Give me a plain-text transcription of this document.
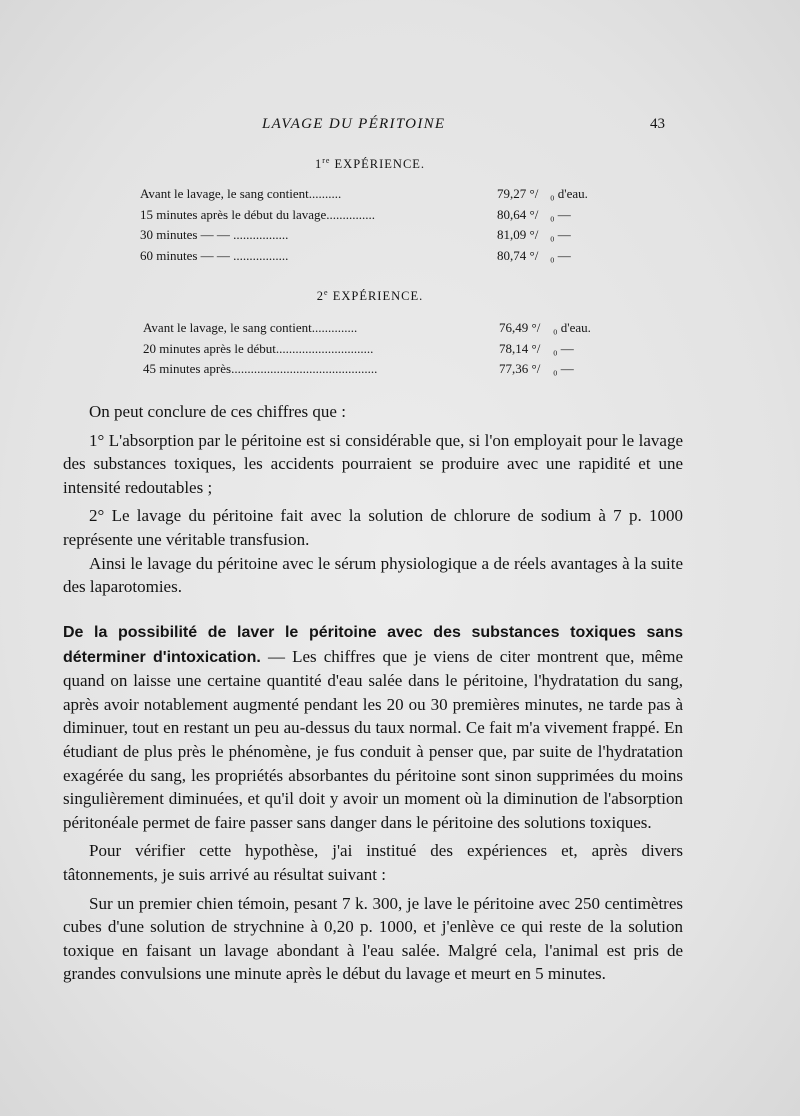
LAVAGE DU PÉRITOINE	43
1re EXPÉRIENCE.
Avant le lavage, le sang contient..........	79,27 °/ ₀ d'eau.
15 minutes après le début du lavage...............	80,64 °/ ₀ —
30 minutes — — .................	81,09 °/ ₀ —
60 minutes — — .................	80,74 °/ ₀ —
2e EXPÉRIENCE.
Avant le lavage, le sang contient..............	76,49 °/ ₀ d'eau.
20 minutes après le début..............................	78,14 °/ ₀ —
45 minutes après.............................................	77,36 °/ ₀ —

On peut conclure de ces chiffres que :

1° L'absorption par le péritoine est si considérable que, si l'on employait pour le lavage des substances toxiques, les accidents pourraient se produire avec une rapidité et une intensité redoutables ;

2° Le lavage du péritoine fait avec la solution de chlorure de sodium à 7 p. 1000 représente une véritable transfusion.

Ainsi le lavage du péritoine avec le sérum physiologique a de réels avantages à la suite des laparotomies.

De la possibilité de laver le péritoine avec des substances toxiques sans déterminer d'intoxication. — Les chiffres que je viens de citer montrent que, même quand on laisse une certaine quantité d'eau salée dans le péritoine, l'hydratation du sang, après avoir notablement augmenté pendant les 20 ou 30 premières minutes, ne tarde pas à diminuer, tout en restant un peu au-dessus du taux normal. Ce fait m'a vivement frappé. En étudiant de plus près le phénomène, je fus conduit à penser que, par suite de l'hydratation exagérée du sang, les propriétés absorbantes du péritoine sont sinon supprimées du moins singulièrement diminuées, et qu'il doit y avoir un moment où la diminution de l'absorption péritonéale permet de faire passer sans danger dans le péritoine des solutions toxiques.

Pour vérifier cette hypothèse, j'ai institué des expériences et, après divers tâtonnements, je suis arrivé au résultat suivant :

Sur un premier chien témoin, pesant 7 k. 300, je lave le péritoine avec 250 centimètres cubes d'une solution de strychnine à 0,20 p. 1000, et j'enlève ce qui reste de la solution toxique en faisant un lavage abondant à l'eau salée. Malgré cela, l'animal est pris de grandes convulsions une minute après le début du lavage et meurt en 5 minutes.
